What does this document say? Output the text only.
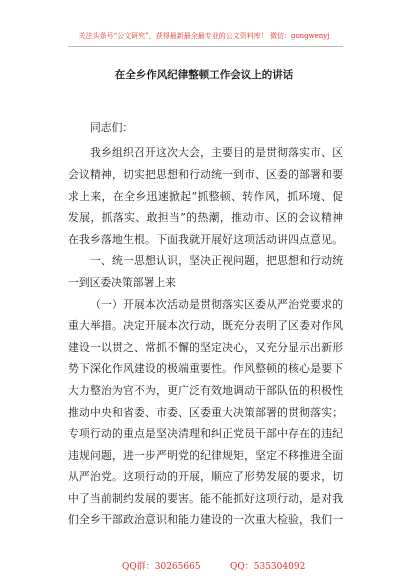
关注头条号“公文研究”，获得最新最全最专业的公文资料库！ 微信：gongwenyj
在全乡作风纪律整顿工作会议上的讲话
同志们：
我乡组织召开这次大会，主要目的是贯彻落实市、区
会议精神，切实把思想和行动统一到市、区委的部署和要
求上来，在全乡迅速掀起“抓整顿、转作风，抓环境、促
发展，抓落实、敢担当”的热潮，推动市、区的会议精神
在我乡落地生根。下面我就开展好这项活动讲四点意见。
一、统一思想认识，坚决正视问题，把思想和行动统
一到区委决策部署上来
（一）开展本次活动是贯彻落实区委从严治党要求的
重大举措。决定开展本次行动，既充分表明了区委对作风
建设一以贯之、常抓不懈的坚定决心，又充分显示出新形
势下深化作风建设的极端重要性。作风整顿的核心是要下
大力整治为官不为，更广泛有效地调动干部队伍的积极性
推动中央和省委、市委、区委重大决策部署的贯彻落实；
专项行动的重点是坚决清理和纠正党员干部中存在的违纪
违规问题，进一步严明党的纪律规矩，坚定不移推进全面
从严治党。这项行动的开展，顺应了形势发展的要求，切
中了当前制约发展的要害。能不能抓好这项行动，是对我
们全乡干部政治意识和能力建设的一次重大检验，我们一
QQ群：30265665	QQ：535304092
